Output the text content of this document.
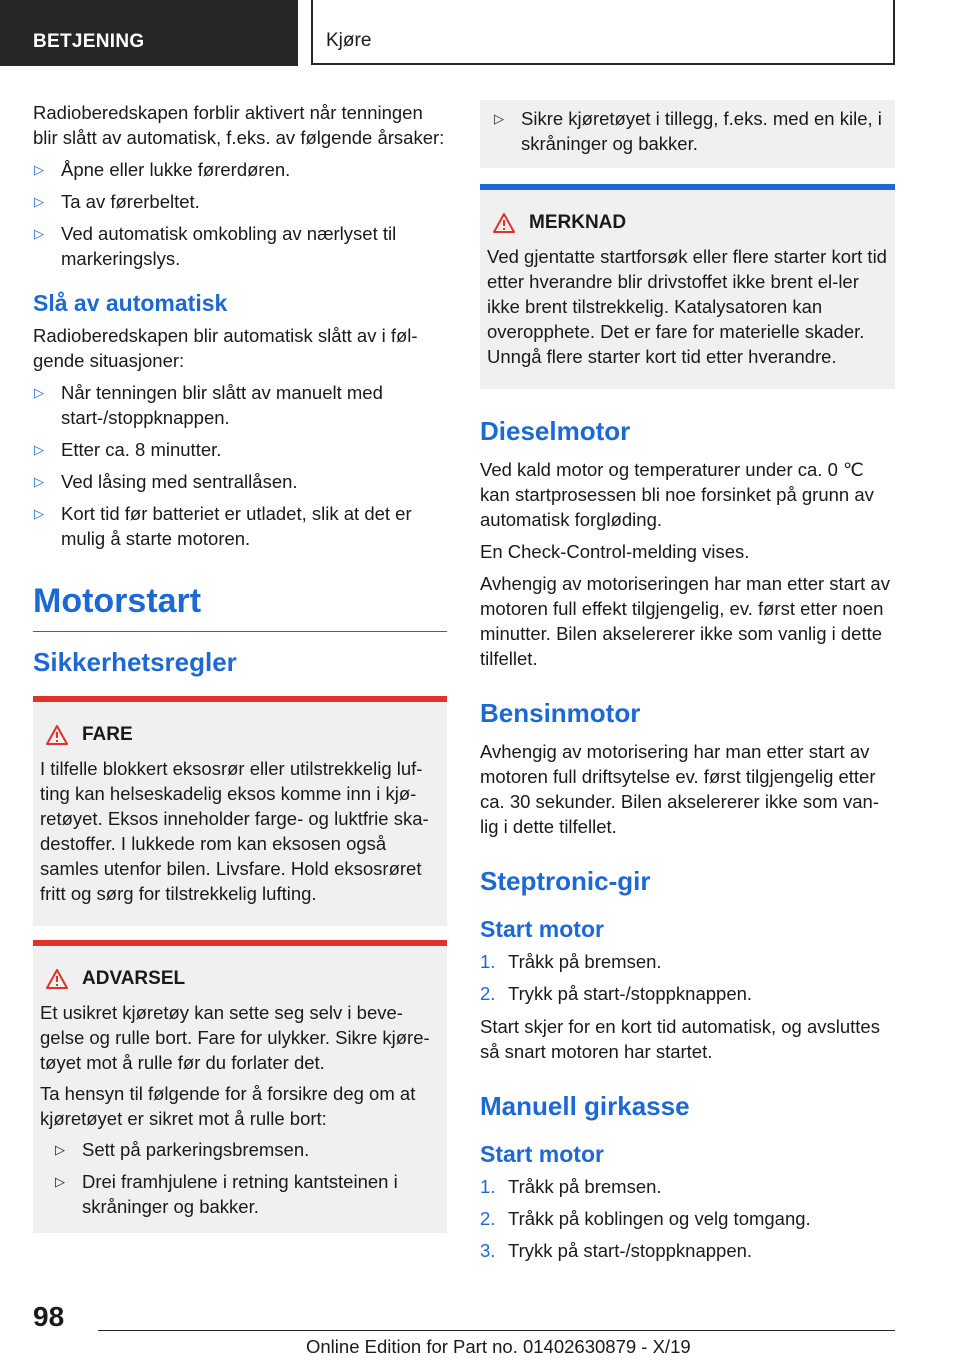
BETJENING	Kjøre

Radioberedskapen forblir aktivert når tenningen blir slått av automatisk, f.eks. av følgende årsaker:

▷ Åpne eller lukke førerdøren.
▷ Ta av førerbeltet.
▷ Ved automatisk omkobling av nærlyset til markeringslys.
Slå av automatisk

Radioberedskapen blir automatisk slått av i føl-gende situasjoner:

▷ Når tenningen blir slått av manuelt med start-/stoppknappen.
▷ Etter ca. 8 minutter.
▷ Ved låsing med sentrallåsen.
▷ Kort tid før batteriet er utladet, slik at det er mulig å starte motoren.
Motorstart
Sikkerhetsregler
FARE

I tilfelle blokkert eksosrør eller utilstrekkelig luf-ting kan helseskadelig eksos komme inn i kjø-retøyet. Eksos inneholder farge- og luktfrie ska-destoffer. I lukkede rom kan eksosen også samles utenfor bilen. Livsfare. Hold eksosrøret fritt og sørg for tilstrekkelig lufting.

ADVARSEL

Et usikret kjøretøy kan sette seg selv i beve-gelse og rulle bort. Fare for ulykker. Sikre kjøre-tøyet mot å rulle før du forlater det.

Ta hensyn til følgende for å forsikre deg om at kjøretøyet er sikret mot å rulle bort:

▷ Sett på parkeringsbremsen.
▷ Drei framhjulene i retning kantsteinen i skråninger og bakker.
▷ Sikre kjøretøyet i tillegg, f.eks. med en kile, i skråninger og bakker.
MERKNAD

Ved gjentatte startforsøk eller flere starter kort tid etter hverandre blir drivstoffet ikke brent el-ler ikke brent tilstrekkelig. Katalysatoren kan overopphete. Det er fare for materielle skader. Unngå flere starter kort tid etter hverandre.

Dieselmotor

Ved kald motor og temperaturer under ca. 0 ℃ kan startprosessen bli noe forsinket på grunn av automatisk forgløding.

En Check-Control-melding vises.

Avhengig av motoriseringen har man etter start av motoren full effekt tilgjengelig, ev. først etter noen minutter. Bilen akselererer ikke som vanlig i dette tilfellet.

Bensinmotor

Avhengig av motorisering har man etter start av motoren full driftsytelse ev. først tilgjengelig etter ca. 30 sekunder. Bilen akselererer ikke som van-lig i dette tilfellet.

Steptronic-gir
Start motor
1. Tråkk på bremsen.
2. Trykk på start-/stoppknappen.

Start skjer for en kort tid automatisk, og avsluttes så snart motoren har startet.

Manuell girkasse
Start motor
1. Tråkk på bremsen.
2. Tråkk på koblingen og velg tomgang.
3. Trykk på start-/stoppknappen.
98
Online Edition for Part no. 01402630879 - X/19
